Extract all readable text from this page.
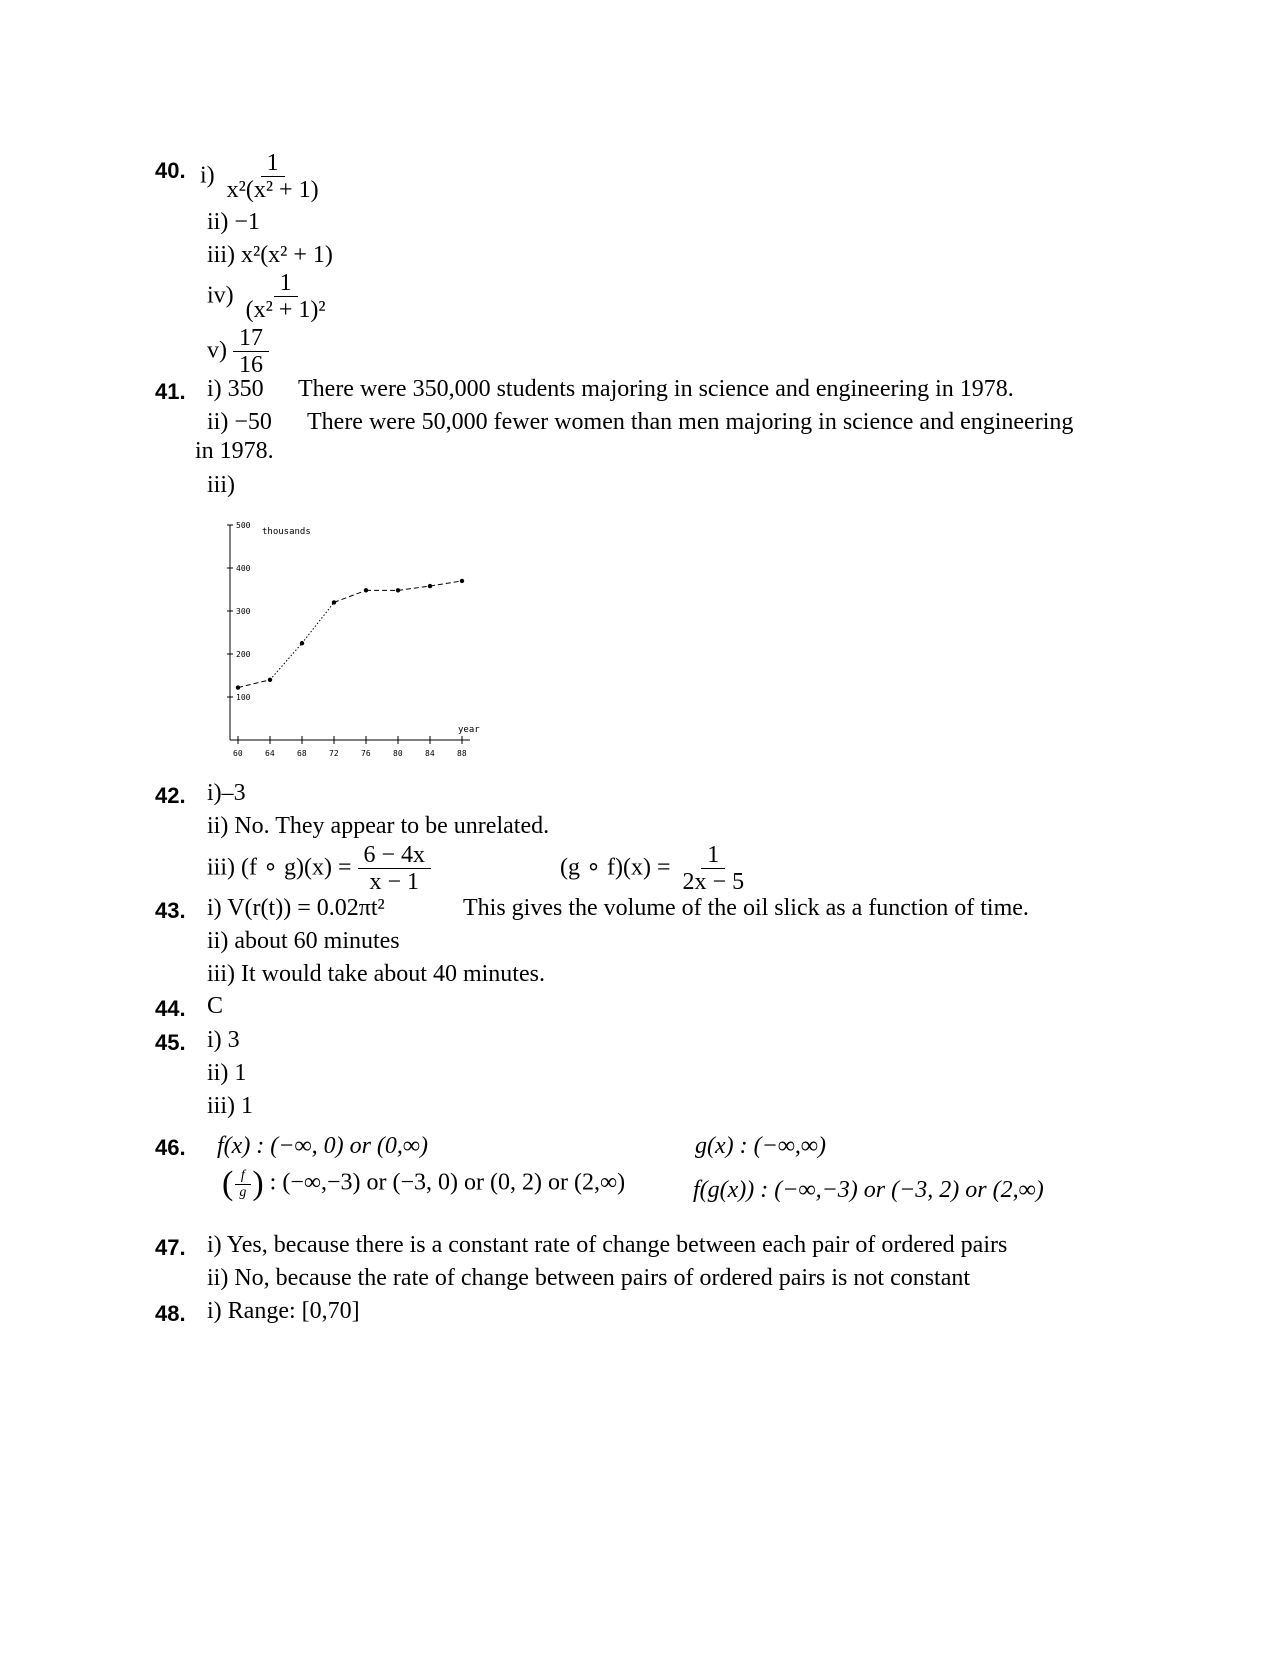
40. $i) \frac{1}{\text{x²(x² + 1)}}$
ii) −1
iii) x²(x² + 1)
$iv) \frac{1}{\text{(x² + 1)²}}$
$v) \frac{17}{16}$
41. i) 350 There were 350,000 students majoring in science and engineering in 1978.
ii) −50 There were 50,000 fewer women than men majoring in science and engineering
in 1978.
iii)
100
200
300
400
500
60	64	68	72	76	80	84	88
thousands
year
42. i)–3
ii) No. They appear to be unrelated.
iii) (f ∘ $g)(x) = \frac{6 - 4x}{x - 1}$	(g ∘ $f)(x) = \frac{1}{2x - 5}$
43. i) V(r(t)) = 0.02πt²	This gives the volume of the oil slick as a function of time.
ii) about 60 minutes
iii) It would take about 40 minutes.
44. C
45. i) 3
ii) 1
iii) 1
46. f(x) : (−∞, 0) or (0,∞)	g(x) : (−∞,∞)
( $\frac{f}{g}$ ) : (−∞,−3) or (−3, 0) or (0, 2) or (2,∞)	f(g(x)) : (−∞,−3) or (−3, 2) or (2,∞)
47. i) Yes, because there is a constant rate of change between each pair of ordered pairs
ii) No, because the rate of change between pairs of ordered pairs is not constant
48. i) Range: [0,70]
